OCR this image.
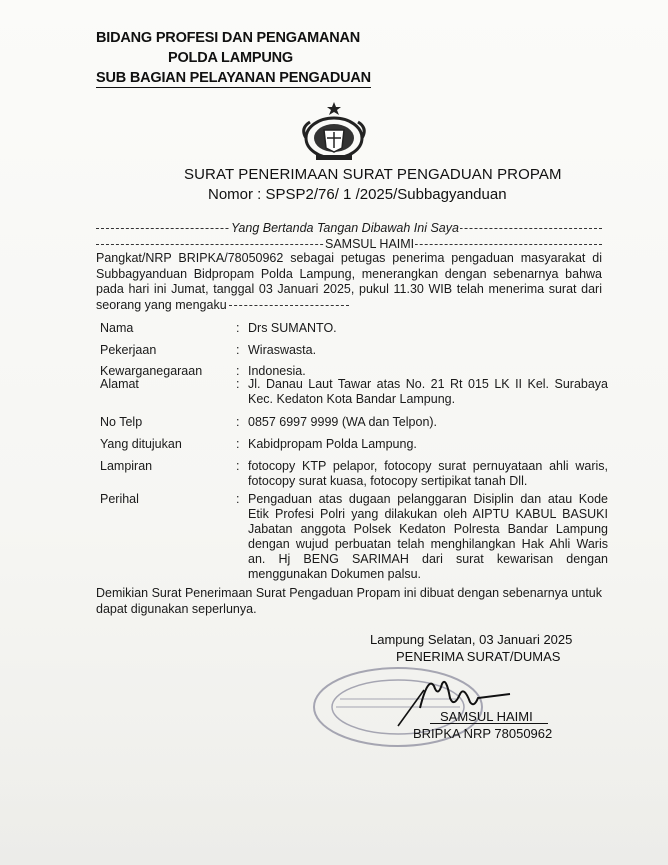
BIDANG PROFESI DAN PENGAMANAN
POLDA LAMPUNG
SUB BAGIAN PELAYANAN PENGADUAN
SURAT PENERIMAAN SURAT PENGADUAN PROPAM
Nomor : SPSP2/76/ 1 /2025/Subbagyanduan
Yang Bertanda Tangan Dibawah Ini Saya
SAMSUL HAIMI
Pangkat/NRP BRIPKA/78050962 sebagai petugas penerima pengaduan masyarakat di Subbagyanduan Bidpropam Polda Lampung, menerangkan dengan sebenarnya bahwa pada hari ini Jumat, tanggal 03 Januari 2025, pukul 11.30 WIB telah menerima surat dari seorang yang mengaku
Nama	: Drs SUMANTO.
Pekerjaan	: Wiraswasta.
Kewarganegaraan	: Indonesia.
Alamat	: Jl. Danau Laut Tawar atas No. 21 Rt 015 LK II Kel. Surabaya Kec. Kedaton Kota Bandar Lampung.
No Telp	: 0857 6997 9999 (WA dan Telpon).
Yang ditujukan	: Kabidpropam Polda Lampung.
Lampiran	: fotocopy KTP pelapor, fotocopy surat pernuyataan ahli waris, fotocopy surat kuasa, fotocopy sertipikat tanah Dll.
Perihal	: Pengaduan atas dugaan pelanggaran Disiplin dan atau Kode Etik Profesi Polri yang dilakukan oleh AIPTU KABUL BASUKI Jabatan anggota Polsek Kedaton Polresta Bandar Lampung dengan wujud perbuatan telah menghilangkan Hak Ahli Waris an. Hj BENG SARIMAH dari surat kewarisan dengan menggunakan Dokumen palsu.
Demikian Surat Penerimaan Surat Pengaduan Propam ini dibuat dengan sebenarnya untuk dapat digunakan seperlunya.
Lampung Selatan, 03 Januari 2025
PENERIMA SURAT/DUMAS
SAMSUL HAIMI
BRIPKA NRP 78050962
